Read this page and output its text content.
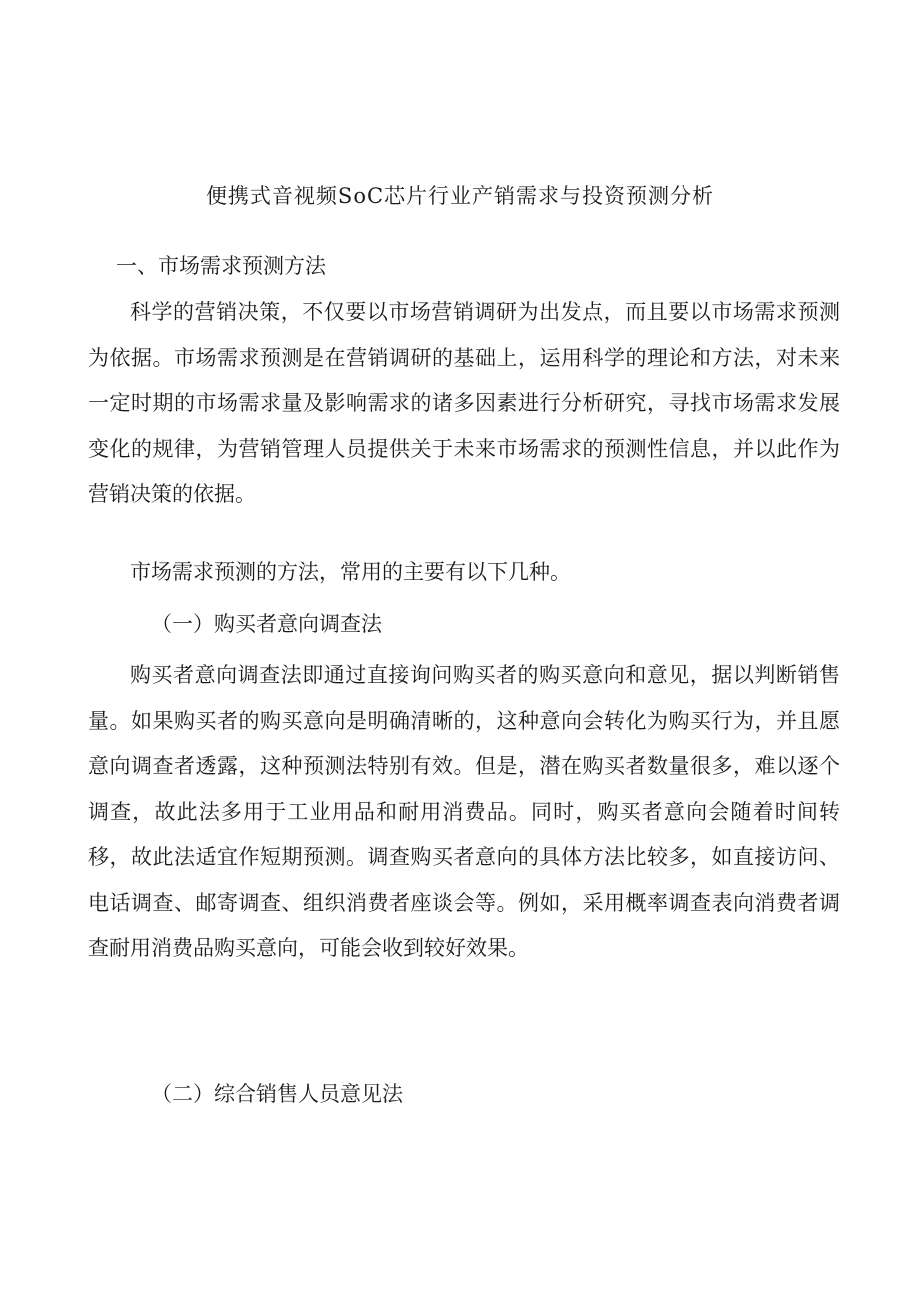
便携式音视频SoC芯片行业产销需求与投资预测分析
一、市场需求预测方法

科学的营销决策，不仅要以市场营销调研为出发点，而且要以市场需求预测为依据。市场需求预测是在营销调研的基础上，运用科学的理论和方法，对未来一定时期的市场需求量及影响需求的诸多因素进行分析研究，寻找市场需求发展变化的规律，为营销管理人员提供关于未来市场需求的预测性信息，并以此作为营销决策的依据。

市场需求预测的方法，常用的主要有以下几种。

（一）购买者意向调查法

购买者意向调查法即通过直接询问购买者的购买意向和意见，据以判断销售量。如果购买者的购买意向是明确清晰的，这种意向会转化为购买行为，并且愿意向调查者透露，这种预测法特别有效。但是，潜在购买者数量很多，难以逐个调查，故此法多用于工业用品和耐用消费品。同时，购买者意向会随着时间转移，故此法适宜作短期预测。调查购买者意向的具体方法比较多，如直接访问、电话调查、邮寄调查、组织消费者座谈会等。例如，采用概率调查表向消费者调查耐用消费品购买意向，可能会收到较好效果。

（二）综合销售人员意见法
